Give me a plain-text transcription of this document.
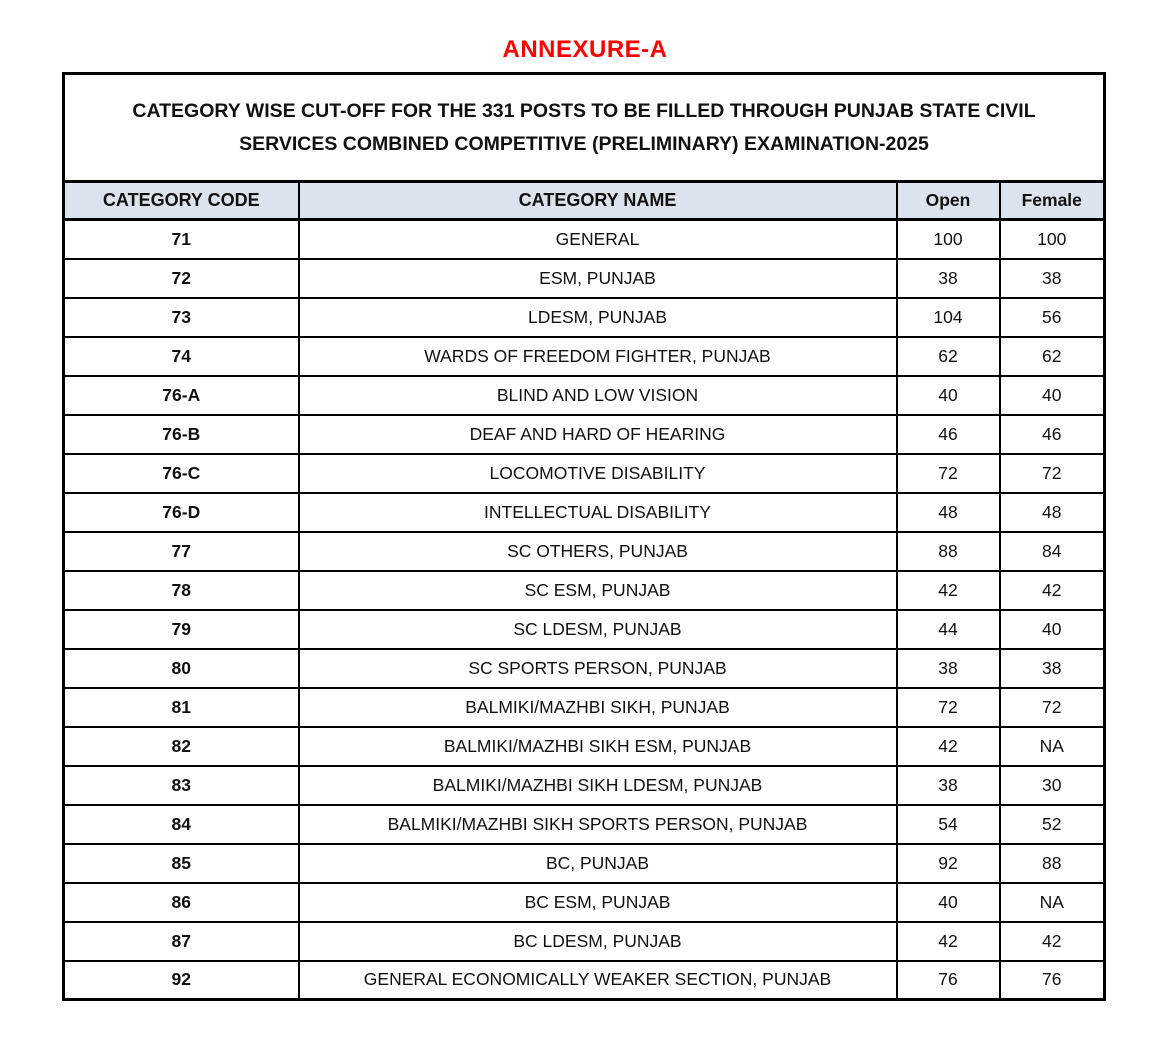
ANNEXURE-A
CATEGORY WISE CUT-OFF FOR THE 331 POSTS TO BE FILLED THROUGH PUNJAB STATE CIVIL SERVICES COMBINED COMPETITIVE (PRELIMINARY) EXAMINATION-2025			
CATEGORY CODE	CATEGORY NAME	Open	Female
71	GENERAL	100	100
72	ESM, PUNJAB	38	38
73	LDESM, PUNJAB	104	56
74	WARDS OF FREEDOM FIGHTER, PUNJAB	62	62
76-A	BLIND AND LOW VISION	40	40
76-B	DEAF AND HARD OF HEARING	46	46
76-C	LOCOMOTIVE DISABILITY	72	72
76-D	INTELLECTUAL DISABILITY	48	48
77	SC OTHERS, PUNJAB	88	84
78	SC ESM, PUNJAB	42	42
79	SC LDESM, PUNJAB	44	40
80	SC SPORTS PERSON, PUNJAB	38	38
81	BALMIKI/MAZHBI SIKH, PUNJAB	72	72
82	BALMIKI/MAZHBI SIKH ESM, PUNJAB	42	NA
83	BALMIKI/MAZHBI SIKH LDESM, PUNJAB	38	30
84	BALMIKI/MAZHBI SIKH SPORTS PERSON, PUNJAB	54	52
85	BC, PUNJAB	92	88
86	BC ESM, PUNJAB	40	NA
87	BC LDESM, PUNJAB	42	42
92	GENERAL ECONOMICALLY WEAKER SECTION, PUNJAB	76	76
